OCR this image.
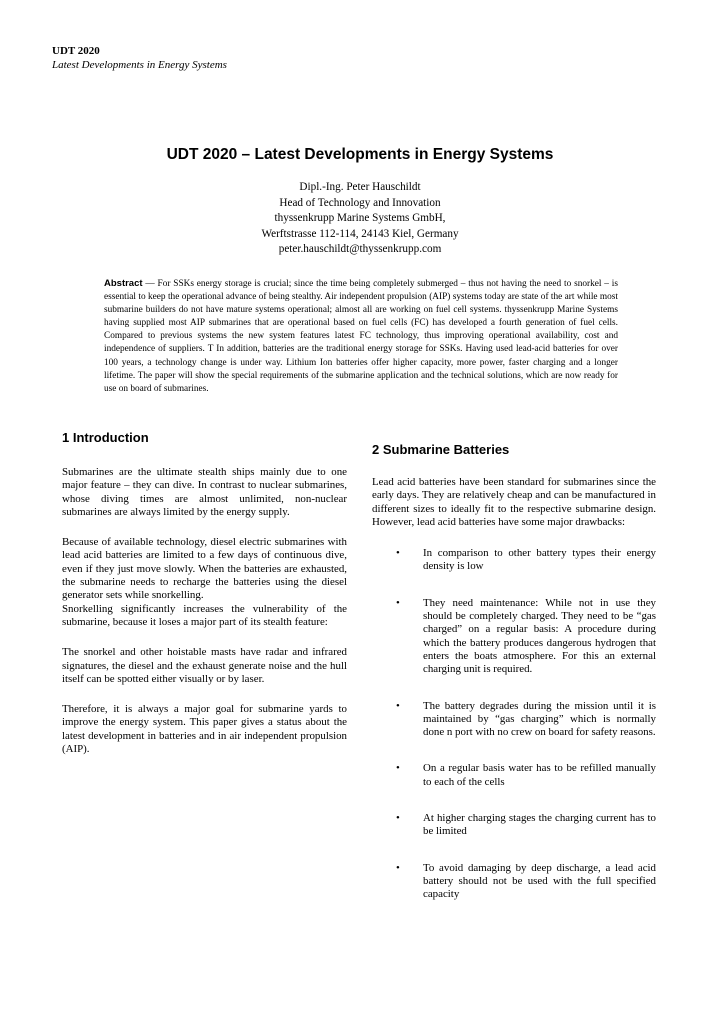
UDT 2020
Latest Developments in Energy Systems
UDT 2020 – Latest Developments in Energy Systems
Dipl.-Ing. Peter Hauschildt
Head of Technology and Innovation
thyssenkrupp Marine Systems GmbH,
Werftstrasse 112-114, 24143 Kiel, Germany
peter.hauschildt@thyssenkrupp.com
Abstract — For SSKs energy storage is crucial; since the time being completely submerged – thus not having the need to snorkel – is essential to keep the operational advance of being stealthy. Air independent propulsion (AIP) systems today are state of the art while most submarine builders do not have mature systems operational; almost all are working on fuel cell systems. thyssenkrupp Marine Systems having supplied most AIP submarines that are operational based on fuel cells (FC) has developed a fourth generation of fuel cells. Compared to previous systems the new system features latest FC technology, thus improving operational availability, cost and independence of suppliers. T In addition, batteries are the traditional energy storage for SSKs. Having used lead-acid batteries for over 100 years, a technology change is under way. Lithium Ion batteries offer higher capacity, more power, faster charging and a longer lifetime. The paper will show the special requirements of the submarine application and the technical solutions, which are now ready for use on board of submarines.
1 Introduction

Submarines are the ultimate stealth ships mainly due to one major feature – they can dive. In contrast to nuclear submarines, whose diving times are almost unlimited, non-nuclear submarines are always limited by the energy supply.

Because of available technology, diesel electric submarines with lead acid batteries are limited to a few days of continuous dive, even if they just move slowly. When the batteries are exhausted, the submarine needs to recharge the batteries using the diesel generator sets while snorkelling.

Snorkelling significantly increases the vulnerability of the submarine, because it loses a major part of its stealth feature:

The snorkel and other hoistable masts have radar and infrared signatures, the diesel and the exhaust generate noise and the hull itself can be spotted either visually or by laser.

Therefore, it is always a major goal for submarine yards to improve the energy system. This paper gives a status about the latest development in batteries and in air independent propulsion (AIP).

2 Submarine Batteries

Lead acid batteries have been standard for submarines since the early days. They are relatively cheap and can be manufactured in different sizes to ideally fit to the respective submarine design. However, lead acid batteries have some major drawbacks:

• In comparison to other battery types their energy density is low
• They need maintenance: While not in use they should be completely charged. They need to be “gas charged” on a regular basis: A procedure during which the battery produces dangerous hydrogen that enters the boats atmosphere. For this an external charging unit is required.
• The battery degrades during the mission until it is maintained by “gas charging” which is normally done n port with no crew on board for safety reasons.
• On a regular basis water has to be refilled manually to each of the cells
• At higher charging stages the charging current has to be limited
• To avoid damaging by deep discharge, a lead acid battery should not be used with the full specified capacity
